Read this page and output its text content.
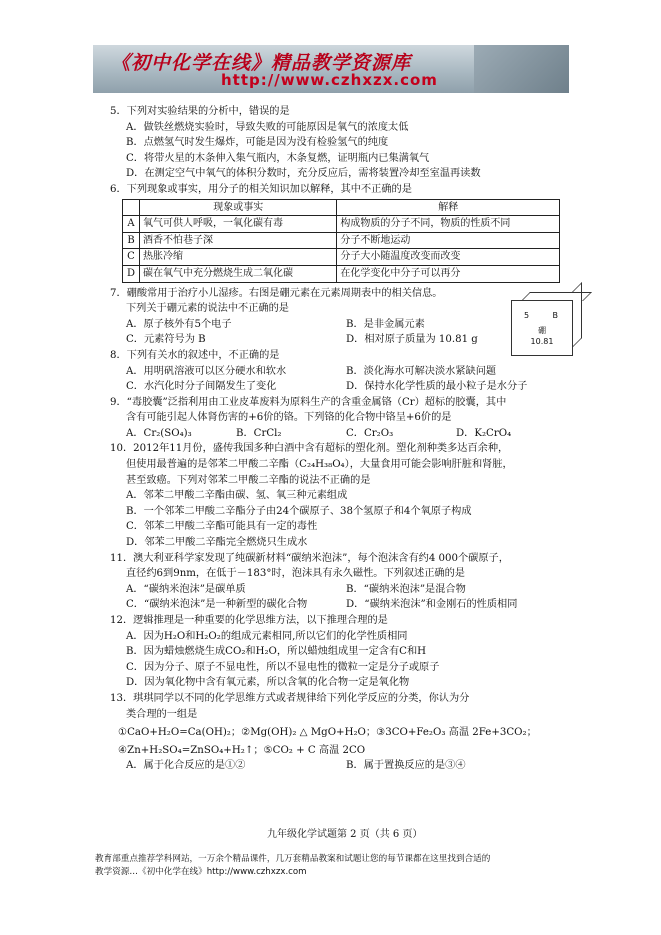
《初中化学在线》精品教学资源库
http://www.czhxzx.com

5．下列对实验结果的分析中，错误的是

A．做铁丝燃烧实验时，导致失败的可能原因是氧气的浓度太低

B．点燃氢气时发生爆炸，可能是因为没有检验氢气的纯度

C．将带火星的木条伸入集气瓶内，木条复燃，证明瓶内已集满氧气

D．在测定空气中氧气的体积分数时，充分反应后，需将装置冷却至室温再读数

6．下列现象或事实，用分子的相关知识加以解释，其中不正确的是

	现象或事实	解释
A	氧气可供人呼吸，一氧化碳有毒	构成物质的分子不同，物质的性质不同
B	酒香不怕巷子深	分子不断地运动
C	热胀冷缩	分子大小随温度改变而改变
D	碳在氧气中充分燃烧生成二氧化碳	在化学变化中分子可以再分

7．硼酸常用于治疗小儿湿疹。右图是硼元素在元素周期表中的相关信息。

下列关于硼元素的说法中不正确的是

A．原子核外有5个电子	B．是非金属元素
C．元素符号为 B	D．相对原子质量为 10.81 g

8．下列有关水的叙述中，不正确的是

A．用明矾溶液可以区分硬水和软水	B．淡化海水可解决淡水紧缺问题
C．水汽化时分子间隔发生了变化	D．保持水化学性质的最小粒子是水分子

9．“毒胶囊”泛指利用由工业皮革废料为原料生产的含重金属铬（Cr）超标的胶囊，其中

含有可能引起人体肾伤害的+6价的铬。下列铬的化合物中铬呈+6价的是

A．Cr₂(SO₄)₃	B．CrCl₂	C．Cr₂O₃	D．K₂CrO₄

10．2012年11月份，盛传我国多种白酒中含有超标的塑化剂。塑化剂种类多达百余种，

但使用最普遍的是邻苯二甲酸二辛酯（C₂₄H₃₈O₄），大量食用可能会影响肝脏和肾脏，

甚至致癌。下列对邻苯二甲酸二辛酯的说法不正确的是

A．邻苯二甲酸二辛酯由碳、氢、氧三种元素组成

B．一个邻苯二甲酸二辛酯分子由24个碳原子、38个氢原子和4个氧原子构成

C．邻苯二甲酸二辛酯可能具有一定的毒性

D．邻苯二甲酸二辛酯完全燃烧只生成水

11．澳大利亚科学家发现了纯碳新材料“碳纳米泡沫”，每个泡沫含有约4 000个碳原子，

直径约6到9nm，在低于－183°时，泡沫具有永久磁性。下列叙述正确的是

A．“碳纳米泡沫”是碳单质	B．“碳纳米泡沫”是混合物
C．“碳纳米泡沫”是一种新型的碳化合物	D．“碳纳米泡沫”和金刚石的性质相同

12．逻辑推理是一种重要的化学思维方法，以下推理合理的是

A．因为H₂O和H₂O₂的组成元素相同,所以它们的化学性质相同

B．因为蜡烛燃烧生成CO₂和H₂O，所以蜡烛组成里一定含有C和H

C．因为分子、原子不显电性，所以不显电性的微粒一定是分子或原子

D．因为氧化物中含有氧元素，所以含氧的化合物一定是氧化物

13．琪琪同学以不同的化学思维方式或者规律给下列化学反应的分类，你认为分

类合理的一组是

①CaO+H₂O=Ca(OH)₂；②Mg(OH)₂ △ MgO+H₂O；③3CO+Fe₂O₃ 高温 2Fe+3CO₂；

④Zn+H₂SO₄=ZnSO₄+H₂↑；⑤CO₂ + C 高温 2CO

A．属于化合反应的是①②	B．属于置换反应的是③④
5	B
硼
10.81
九年级化学试题第 2 页（共 6 页）
教育部重点推荐学科网站，一万余个精品课件，几万套精品教案和试题让您的每节课都在这里找到合适的
教学资源…《初中化学在线》http://www.czhxzx.com
